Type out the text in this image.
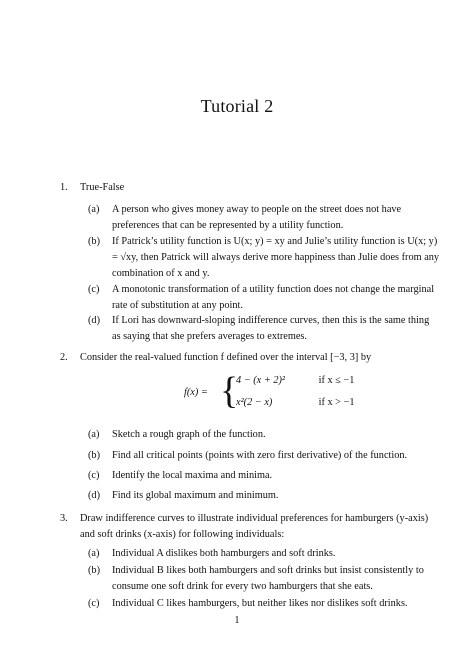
Tutorial 2
1. True-False
(a) A person who gives money away to people on the street does not have preferences that can be represented by a utility function.
(b) If Patrick’s utility function is U(x; y) = xy and Julie’s utility function is U(x; y) = √xy, then Patrick will always derive more happiness than Julie does from any combination of x and y.
(c) A monotonic transformation of a utility function does not change the marginal rate of substitution at any point.
(d) If Lori has downward-sloping indifference curves, then this is the same thing as saying that she prefers averages to extremes.
2. Consider the real-valued function f defined over the interval [−3, 3] by
f(x) = {
4 − (x + 2)²	if x ≤ −1
x²(2 − x)	if x > −1
(a) Sketch a rough graph of the function.
(b) Find all critical points (points with zero first derivative) of the function.
(c) Identify the local maxima and minima.
(d) Find its global maximum and minimum.
3. Draw indifference curves to illustrate individual preferences for hamburgers (y-axis) and soft drinks (x-axis) for following individuals:
(a) Individual A dislikes both hamburgers and soft drinks.
(b) Individual B likes both hamburgers and soft drinks but insist consistently to consume one soft drink for every two hamburgers that she eats.
(c) Individual C likes hamburgers, but neither likes nor dislikes soft drinks.
1
